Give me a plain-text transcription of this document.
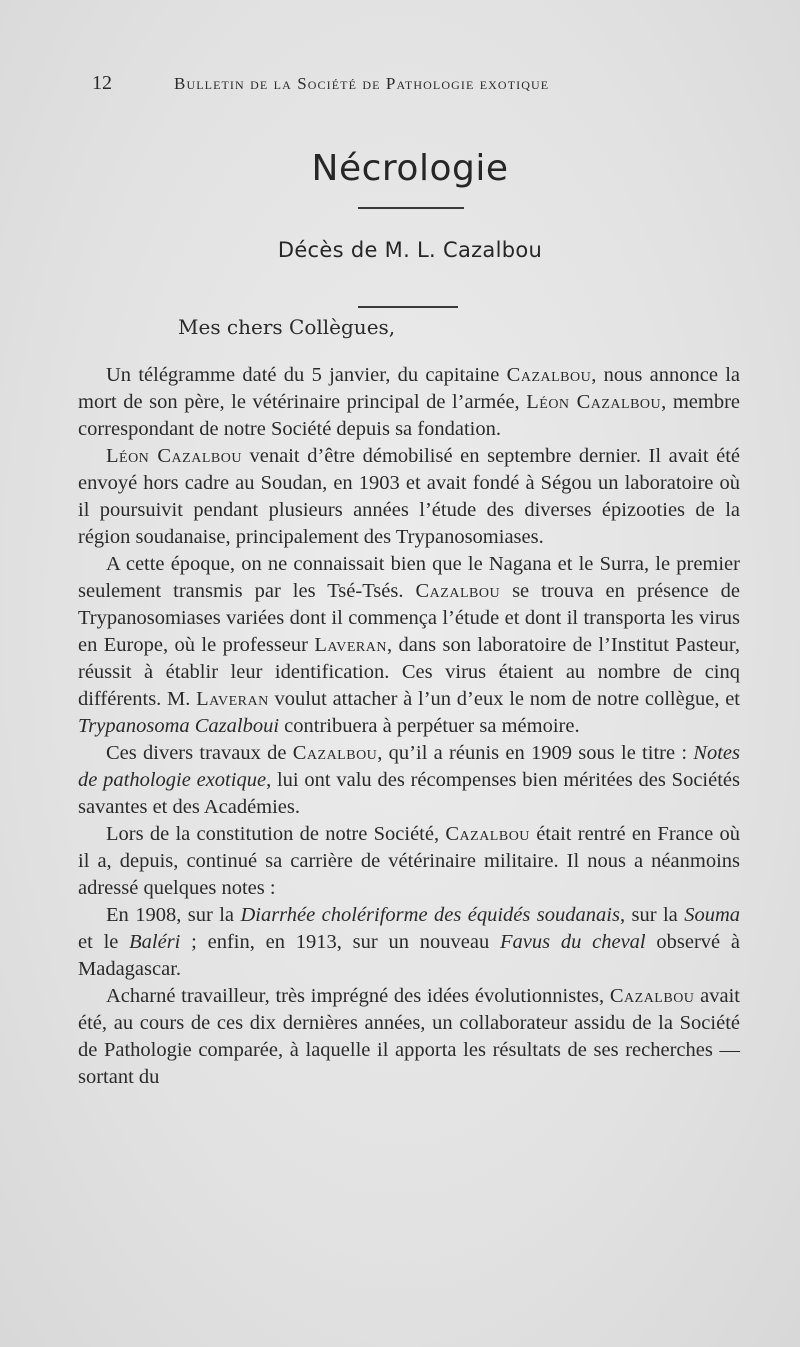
12	Bulletin de la Société de Pathologie exotique
Nécrologie
Décès de M. L. Cazalbou
Mes chers Collègues,

Un télégramme daté du 5 janvier, du capitaine Cazalbou, nous annonce la mort de son père, le vétérinaire principal de l’armée, Léon Cazalbou, membre correspondant de notre Société depuis sa fondation.

Léon Cazalbou venait d’être démobilisé en septembre dernier. Il avait été envoyé hors cadre au Soudan, en 1903 et avait fondé à Ségou un laboratoire où il poursuivit pendant plusieurs années l’étude des diverses épizooties de la région soudanaise, principalement des Trypanosomiases.

A cette époque, on ne connaissait bien que le Nagana et le Surra, le premier seulement transmis par les Tsé-Tsés. Cazalbou se trouva en présence de Trypanosomiases variées dont il commença l’étude et dont il transporta les virus en Europe, où le professeur Laveran, dans son laboratoire de l’Institut Pasteur, réussit à établir leur identification. Ces virus étaient au nombre de cinq différents. M. Laveran voulut attacher à l’un d’eux le nom de notre collègue, et Trypanosoma Cazalboui contribuera à perpétuer sa mémoire.

Ces divers travaux de Cazalbou, qu’il a réunis en 1909 sous le titre : Notes de pathologie exotique, lui ont valu des récompenses bien méritées des Sociétés savantes et des Académies.

Lors de la constitution de notre Société, Cazalbou était rentré en France où il a, depuis, continué sa carrière de vétérinaire militaire. Il nous a néanmoins adressé quelques notes :

En 1908, sur la Diarrhée cholériforme des équidés soudanais, sur la Souma et le Baléri ; enfin, en 1913, sur un nouveau Favus du cheval observé à Madagascar.

Acharné travailleur, très imprégné des idées évolutionnistes, Cazalbou avait été, au cours de ces dix dernières années, un collaborateur assidu de la Société de Pathologie comparée, à laquelle il apporta les résultats de ses recherches — sortant du
